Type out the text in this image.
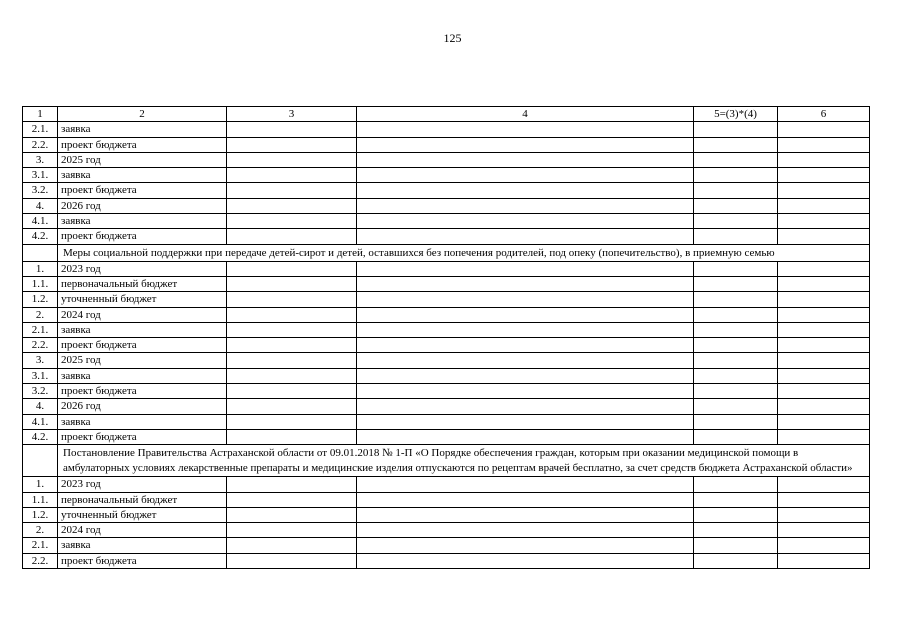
125
1	2	3	4	5=(3)*(4)	6
2.1.	заявка				
2.2.	проект бюджета				
3.	2025 год				
3.1.	заявка				
3.2.	проект бюджета				
4.	2026 год				
4.1.	заявка				
4.2.	проект бюджета				
	Меры социальной поддержки при передаче детей-сирот и детей, оставшихся без попечения родителей, под опеку (попечительство), в приемную семью				
1.	2023 год				
1.1.	первоначальный бюджет				
1.2.	уточненный бюджет				
2.	2024 год				
2.1.	заявка				
2.2.	проект бюджета				
3.	2025 год				
3.1.	заявка				
3.2.	проект бюджета				
4.	2026 год				
4.1.	заявка				
4.2.	проект бюджета				
	Постановление Правительства Астраханской области от 09.01.2018 № 1-П «О Порядке обеспечения граждан, которым при оказании медицинской помощи в амбулаторных условиях лекарственные препараты и медицинские изделия отпускаются по рецептам врачей бесплатно, за счет средств бюджета Астраханской области»				
1.	2023 год				
1.1.	первоначальный бюджет				
1.2.	уточненный бюджет				
2.	2024 год				
2.1.	заявка				
2.2.	проект бюджета				
